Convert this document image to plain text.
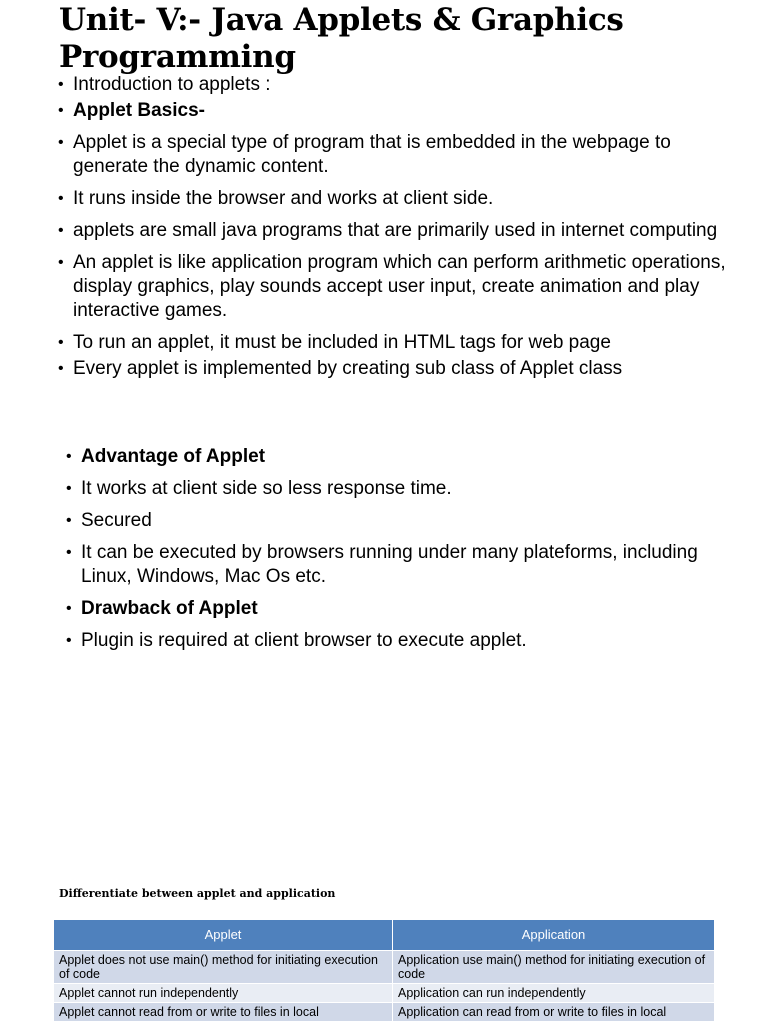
Unit- V:- Java Applets & Graphics Programming
• Introduction to applets :
• Applet Basics-
• Applet is a special type of program that is embedded in the webpage to generate the dynamic content.
• It runs inside the browser and works at client side.
• applets are small java programs that are primarily used in internet computing
• An applet is like application program which can perform arithmetic operations, display graphics, play sounds accept user input, create animation and play interactive games.
• To run an applet, it must be included in HTML tags for web page
• Every applet is implemented by creating sub class of Applet class
• Advantage of Applet
• It works at client side so less response time.
• Secured
• It can be executed by browsers running under many plateforms, including Linux, Windows, Mac Os etc.
• Drawback of Applet
• Plugin is required at client browser to execute applet.
Differentiate between applet and application
Applet	Application
Applet does not use main() method for initiating execution of code	Application use main() method for initiating execution of code
Applet cannot run independently	Application can run independently
Applet cannot read from or write to files in local	Application can read from or write to files in local
